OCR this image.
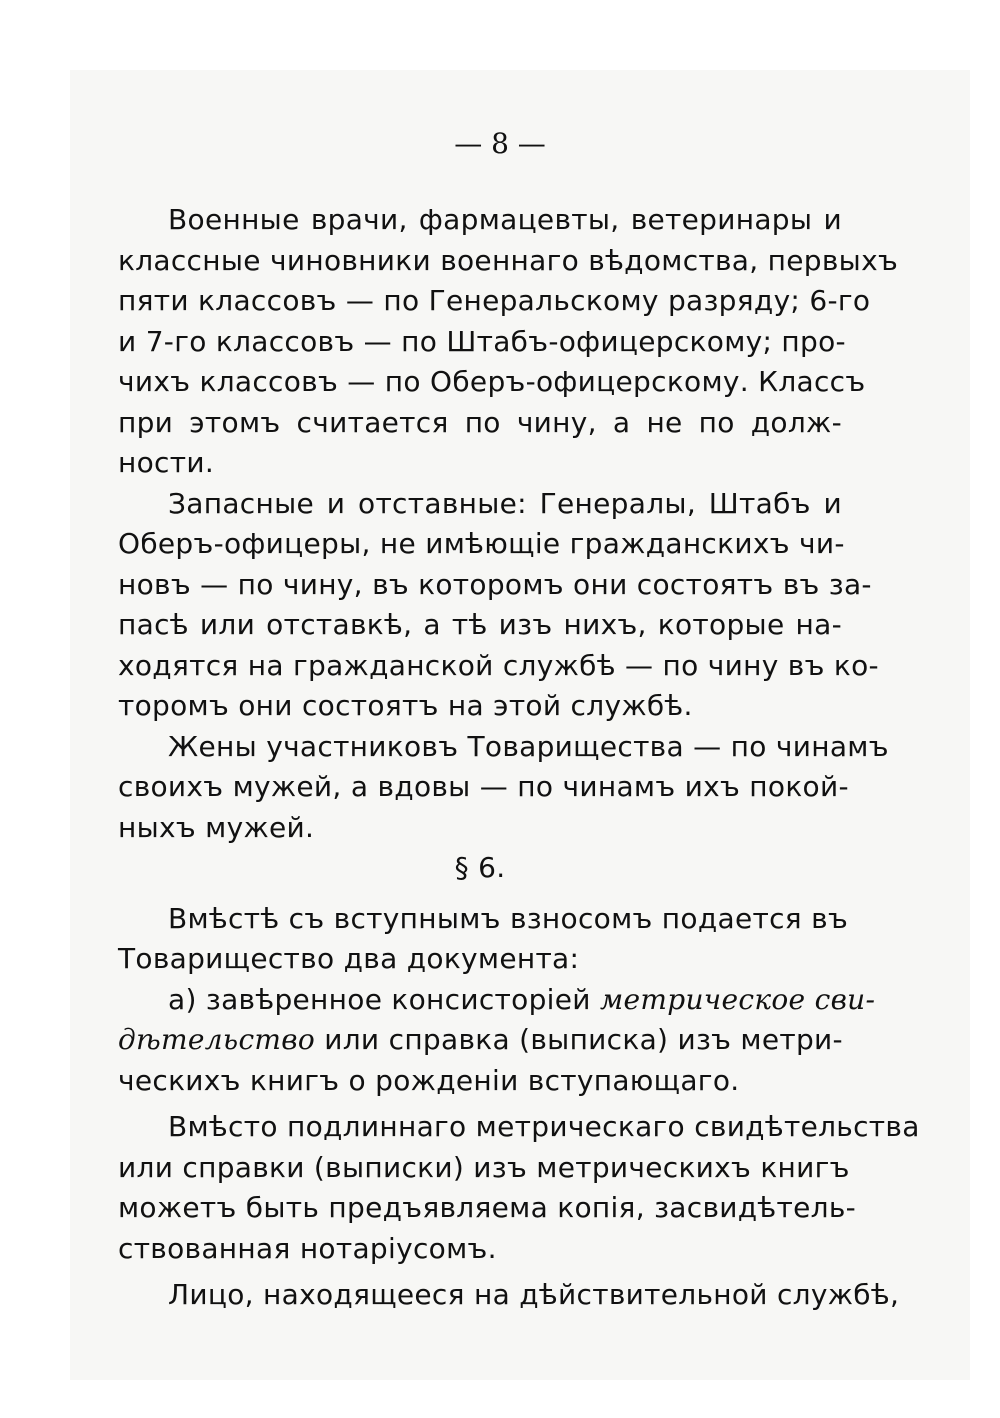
— 8 —
Военные врачи, фармацевты, ветеринары и
классные чиновники военнаго вѣдомства, первыхъ
пяти классовъ — по Генеральскому разряду; 6-го
и 7-го классовъ — по Штабъ-офицерскому; про-
чихъ классовъ — по Оберъ-офицерскому. Классъ
при этомъ считается по чину, а не по долж-
ности.
Запасные и отставные: Генералы, Штабъ и
Оберъ-офицеры, не имѣющіе гражданскихъ чи-
новъ — по чину, въ которомъ они состоятъ въ за-
пасѣ или отставкѣ, а тѣ изъ нихъ, которые на-
ходятся на гражданской службѣ — по чину въ ко-
торомъ они состоятъ на этой службѣ.
Жены участниковъ Товарищества — по чинамъ
своихъ мужей, а вдовы — по чинамъ ихъ покой-
ныхъ мужей.
§ 6.
Вмѣстѣ съ вступнымъ взносомъ подается въ
Товарищество два документа:
а) завѣренное консисторіей метрическое сви-
дѣтельство или справка (выписка) изъ метри-
ческихъ книгъ о рожденіи вступающаго.
Вмѣсто подлиннаго метрическаго свидѣтельства
или справки (выписки) изъ метрическихъ книгъ
можетъ быть предъявляема копія, засвидѣтель-
ствованная нотаріусомъ.
Лицо, находящееся на дѣйствительной службѣ,
